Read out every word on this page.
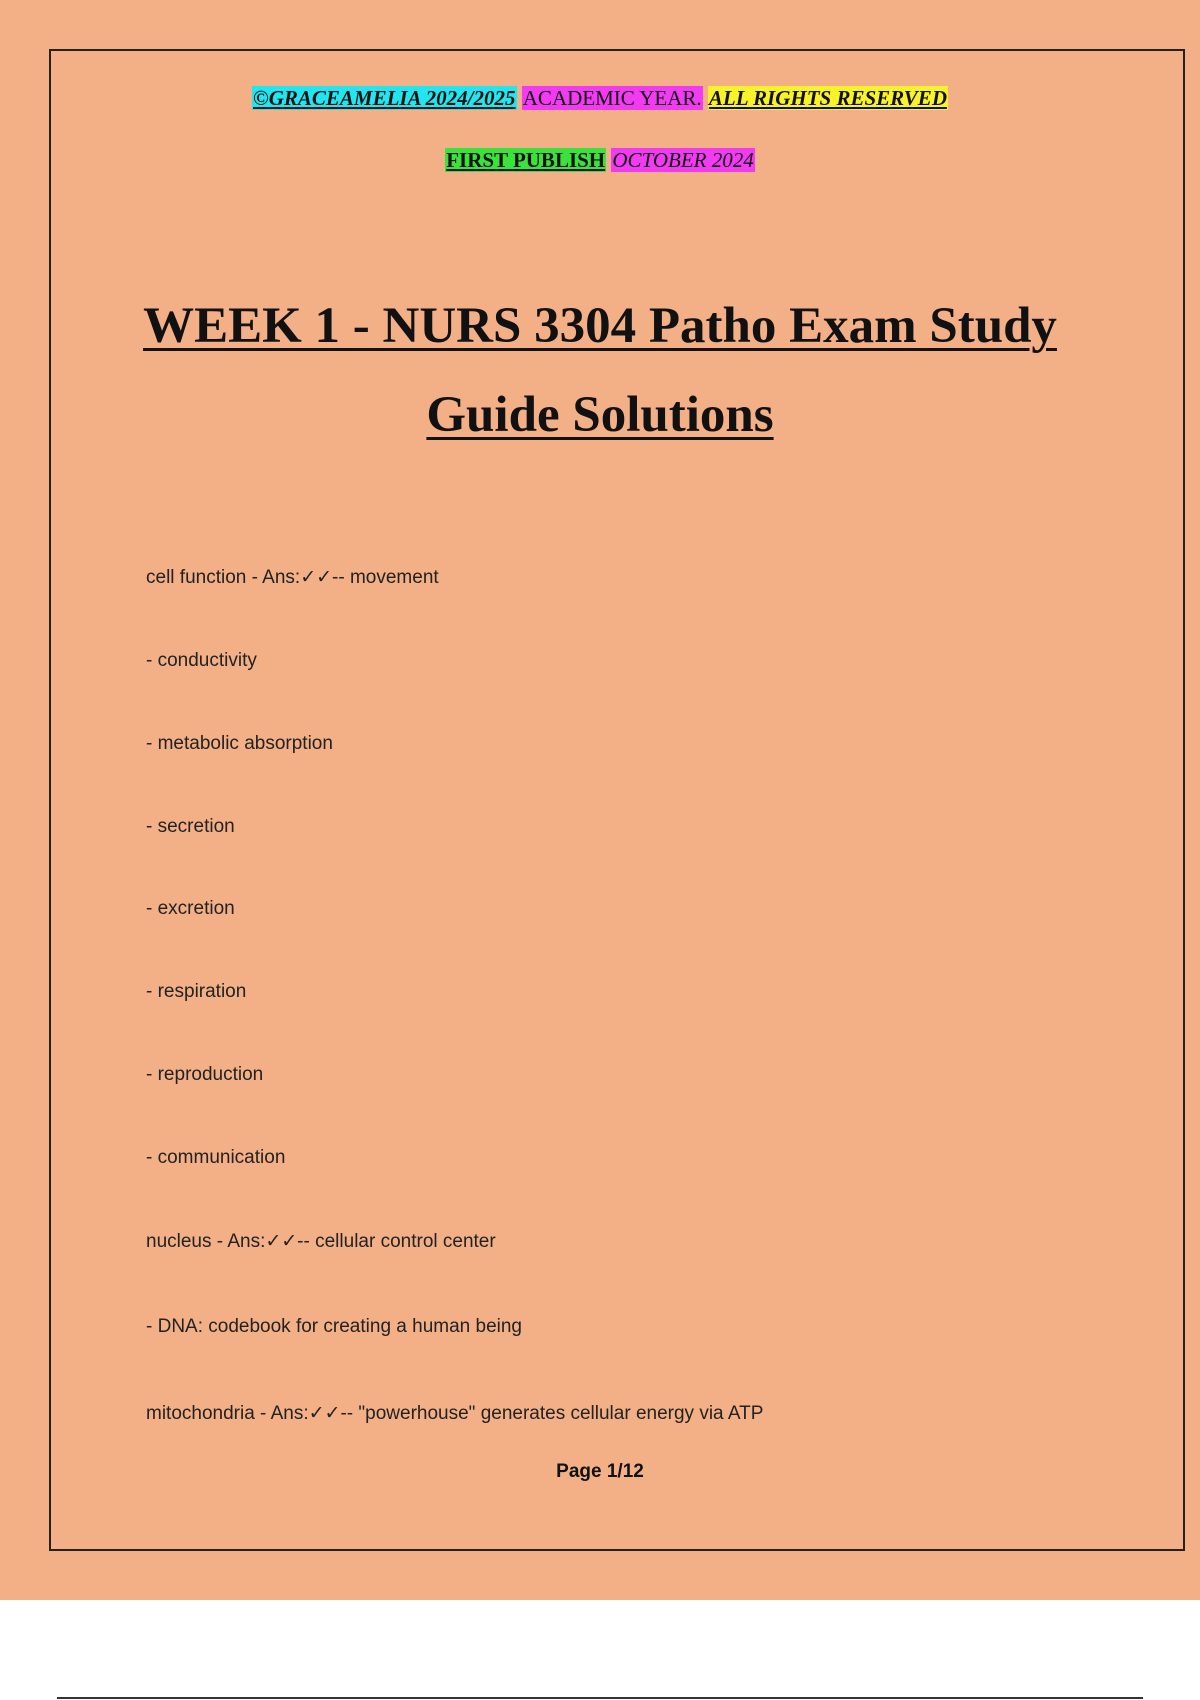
©GRACEAMELIA 2024/2025 ACADEMIC YEAR. ALL RIGHTS RESERVED
FIRST PUBLISH OCTOBER 2024
WEEK 1 - NURS 3304 Patho Exam Study
Guide Solutions
cell function - Ans:✓✓-- movement
- conductivity
- metabolic absorption
- secretion
- excretion
- respiration
- reproduction
- communication
nucleus - Ans:✓✓-- cellular control center
- DNA: codebook for creating a human being
mitochondria - Ans:✓✓-- "powerhouse" generates cellular energy via ATP
Page 1/12
